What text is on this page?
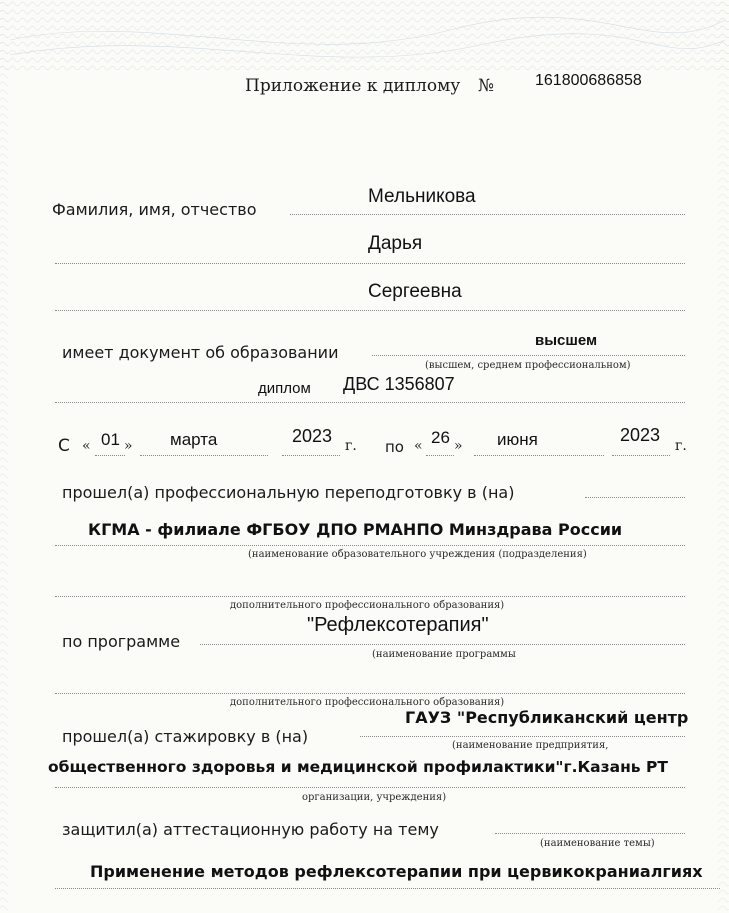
Приложение к диплому №	161800686858
Фамилия, имя, отчество
Мельникова
Дарья
Сергеевна
имеет документ об образовании
высшем
(высшем, среднем профессиональном)
диплом ДВС 1356807
С « 01 » марта	2023 г. по « 26 » июня	2023
г.
прошел(а) профессиональную переподготовку в (на)
КГМА - филиале ФГБОУ ДПО РМАНПО Минздрава России
(наименование образовательного учреждения (подразделения)
дополнительного профессионального образования)
по программе
"Рефлексотерапия"
(наименование программы
дополнительного профессионального образования)
прошел(а) стажировку в (на)
ГАУЗ "Республиканский центр
(наименование предприятия,
общественного здоровья и медицинской профилактики"г.Казань РТ
организации, учреждения)
защитил(а) аттестационную работу на тему
(наименование темы)
Применение методов рефлексотерапии при цервикокраниалгиях
